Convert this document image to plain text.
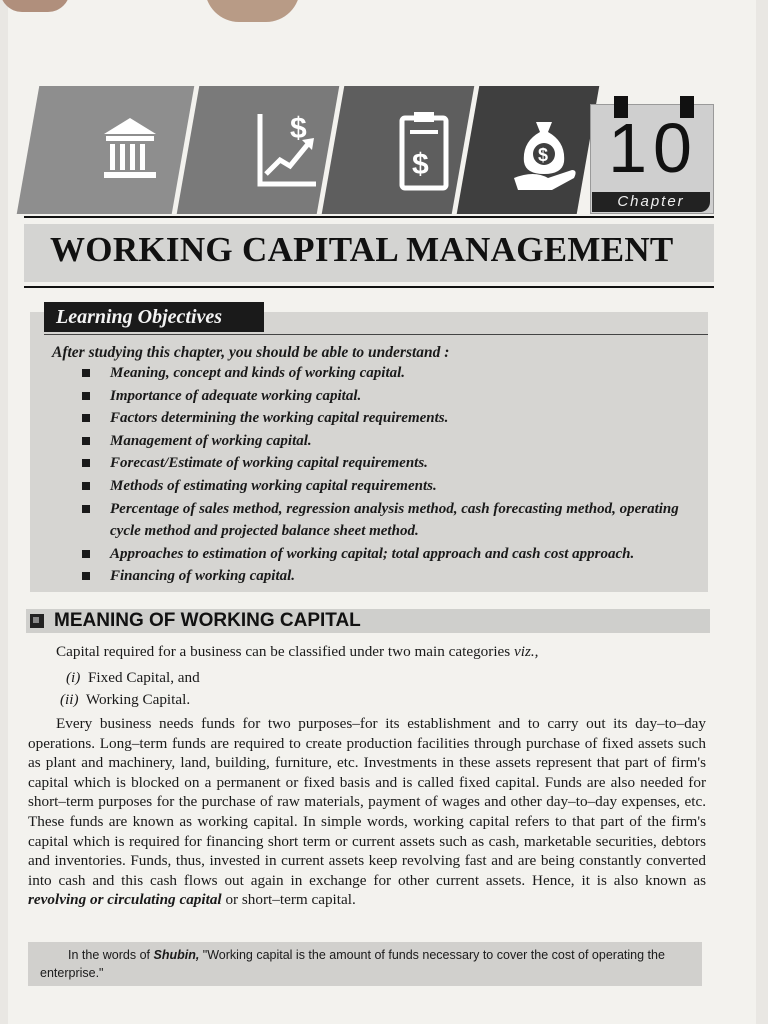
$
$	$ 10
Chapter
WORKING CAPITAL MANAGEMENT
Learning Objectives
After studying this chapter, you should be able to understand :
Meaning, concept and kinds of working capital.
Importance of adequate working capital.
Factors determining the working capital requirements.
Management of working capital.
Forecast/Estimate of working capital requirements.
Methods of estimating working capital requirements.
Percentage of sales method, regression analysis method, cash forecasting method, operating cycle method and projected balance sheet method.
Approaches to estimation of working capital; total approach and cash cost approach.
Financing of working capital.
MEANING OF WORKING CAPITAL
Capital required for a business can be classified under two main categories viz.,
(i) Fixed Capital, and
(ii) Working Capital.
Every business needs funds for two purposes–for its establishment and to carry out its day–to–day operations. Long–term funds are required to create production facilities through purchase of fixed assets such as plant and machinery, land, building, furniture, etc. Investments in these assets represent that part of firm's capital which is blocked on a permanent or fixed basis and is called fixed capital. Funds are also needed for short–term purposes for the purchase of raw materials, payment of wages and other day–to–day expenses, etc. These funds are known as working capital. In simple words, working capital refers to that part of the firm's capital which is required for financing short term or current assets such as cash, marketable securities, debtors and inventories. Funds, thus, invested in current assets keep revolving fast and are being constantly converted into cash and this cash flows out again in exchange for other current assets. Hence, it is also known as revolving or circulating capital or short–term capital.
In the words of Shubin, "Working capital is the amount of funds necessary to cover the cost of operating the enterprise."
